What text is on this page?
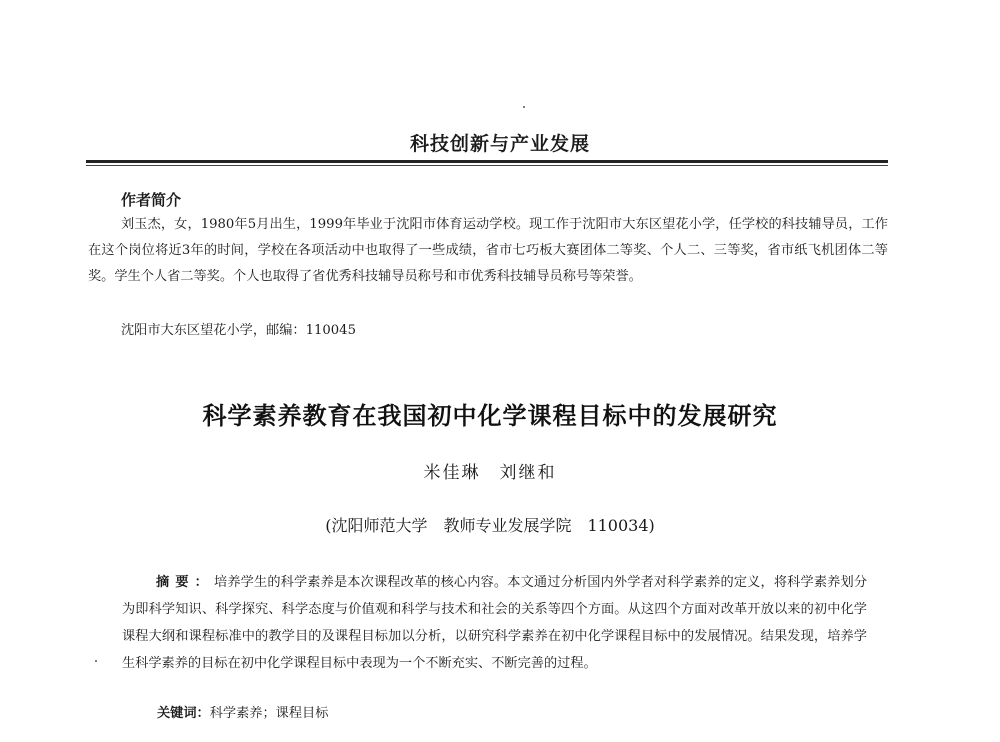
科技创新与产业发展
作者简介

刘玉杰，女，1980年5月出生，1999年毕业于沈阳市体育运动学校。现工作于沈阳市大东区望花小学，任学校的科技辅导员，工作在这个岗位将近3年的时间，学校在各项活动中也取得了一些成绩，省市七巧板大赛团体二等奖、个人二、三等奖，省市纸飞机团体二等奖。学生个人省二等奖。个人也取得了省优秀科技辅导员称号和市优秀科技辅导员称号等荣誉。

沈阳市大东区望花小学，邮编：110045
科学素养教育在我国初中化学课程目标中的发展研究
米佳琳　刘继和
(沈阳师范大学　教师专业发展学院　110034)

摘要：培养学生的科学素养是本次课程改革的核心内容。本文通过分析国内外学者对科学素养的定义，将科学素养划分为即科学知识、科学探究、科学态度与价值观和科学与技术和社会的关系等四个方面。从这四个方面对改革开放以来的初中化学课程大纲和课程标准中的教学目的及课程目标加以分析，以研究科学素养在初中化学课程目标中的发展情况。结果发现，培养学生科学素养的目标在初中化学课程目标中表现为一个不断充实、不断完善的过程。

关键词：科学素养；课程目标
